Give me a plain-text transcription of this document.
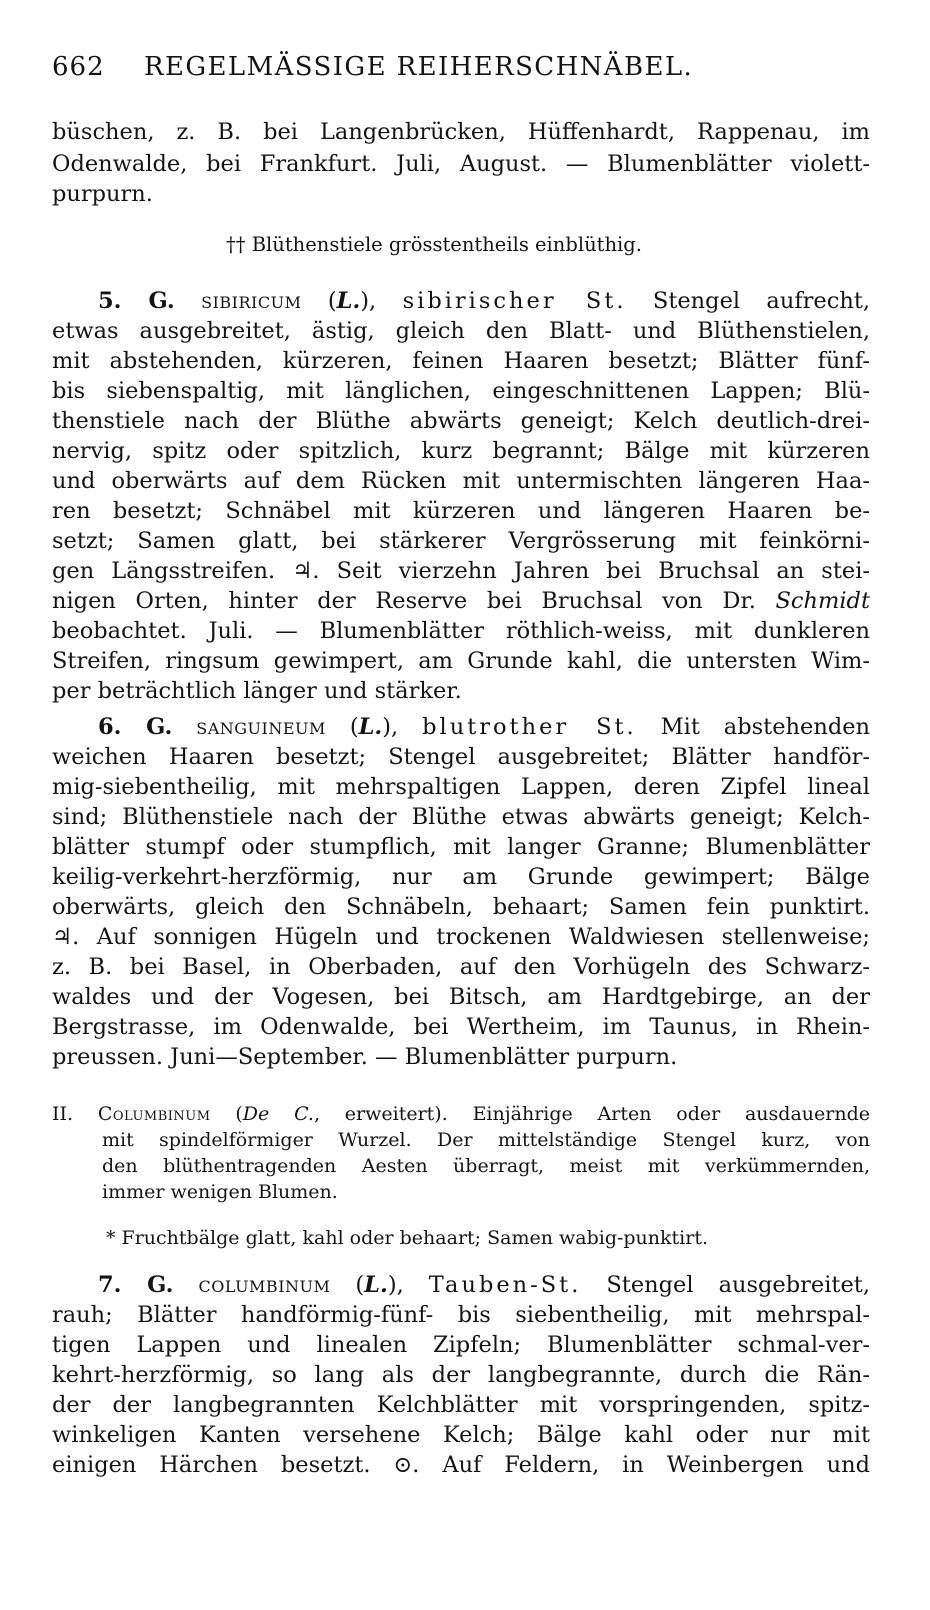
662 REGELMÄSSIGE REIHERSCHNÄBEL.
büschen, z. B. bei Langenbrücken, Hüffenhardt, Rappenau, im
Odenwalde, bei Frankfurt. Juli, August. — Blumenblätter violett-
purpurn.
†† Blüthenstiele grösstentheils einblüthig.
5. G. sibiricum (L.), sibirischer St. Stengel aufrecht,
etwas ausgebreitet, ästig, gleich den Blatt- und Blüthenstielen,
mit abstehenden, kürzeren, feinen Haaren besetzt; Blätter fünf-
bis siebenspaltig, mit länglichen, eingeschnittenen Lappen; Blü-
thenstiele nach der Blüthe abwärts geneigt; Kelch deutlich-drei-
nervig, spitz oder spitzlich, kurz begrannt; Bälge mit kürzeren
und oberwärts auf dem Rücken mit untermischten längeren Haa-
ren besetzt; Schnäbel mit kürzeren und längeren Haaren be-
setzt; Samen glatt, bei stärkerer Vergrösserung mit feinkörni-
gen Längsstreifen. ♃. Seit vierzehn Jahren bei Bruchsal an stei-
nigen Orten, hinter der Reserve bei Bruchsal von Dr. Schmidt
beobachtet. Juli. — Blumenblätter röthlich-weiss, mit dunkleren
Streifen, ringsum gewimpert, am Grunde kahl, die untersten Wim-
per beträchtlich länger und stärker.
6. G. sanguineum (L.), blutrother St. Mit abstehenden
weichen Haaren besetzt; Stengel ausgebreitet; Blätter handför-
mig-siebentheilig, mit mehrspaltigen Lappen, deren Zipfel lineal
sind; Blüthenstiele nach der Blüthe etwas abwärts geneigt; Kelch-
blätter stumpf oder stumpflich, mit langer Granne; Blumenblätter
keilig-verkehrt-herzförmig, nur am Grunde gewimpert; Bälge
oberwärts, gleich den Schnäbeln, behaart; Samen fein punktirt.
♃. Auf sonnigen Hügeln und trockenen Waldwiesen stellenweise;
z. B. bei Basel, in Oberbaden, auf den Vorhügeln des Schwarz-
waldes und der Vogesen, bei Bitsch, am Hardtgebirge, an der
Bergstrasse, im Odenwalde, bei Wertheim, im Taunus, in Rhein-
preussen. Juni—September. — Blumenblätter purpurn.
II. Columbinum (De C., erweitert). Einjährige Arten oder ausdauernde
mit spindelförmiger Wurzel. Der mittelständige Stengel kurz, von
den blüthentragenden Aesten überragt, meist mit verkümmernden,
immer wenigen Blumen.
* Fruchtbälge glatt, kahl oder behaart; Samen wabig-punktirt.
7. G. columbinum (L.), Tauben-St. Stengel ausgebreitet,
rauh; Blätter handförmig-fünf- bis siebentheilig, mit mehrspal-
tigen Lappen und linealen Zipfeln; Blumenblätter schmal-ver-
kehrt-herzförmig, so lang als der langbegrannte, durch die Rän-
der der langbegrannten Kelchblätter mit vorspringenden, spitz-
winkeligen Kanten versehene Kelch; Bälge kahl oder nur mit
einigen Härchen besetzt. ⊙. Auf Feldern, in Weinbergen und
